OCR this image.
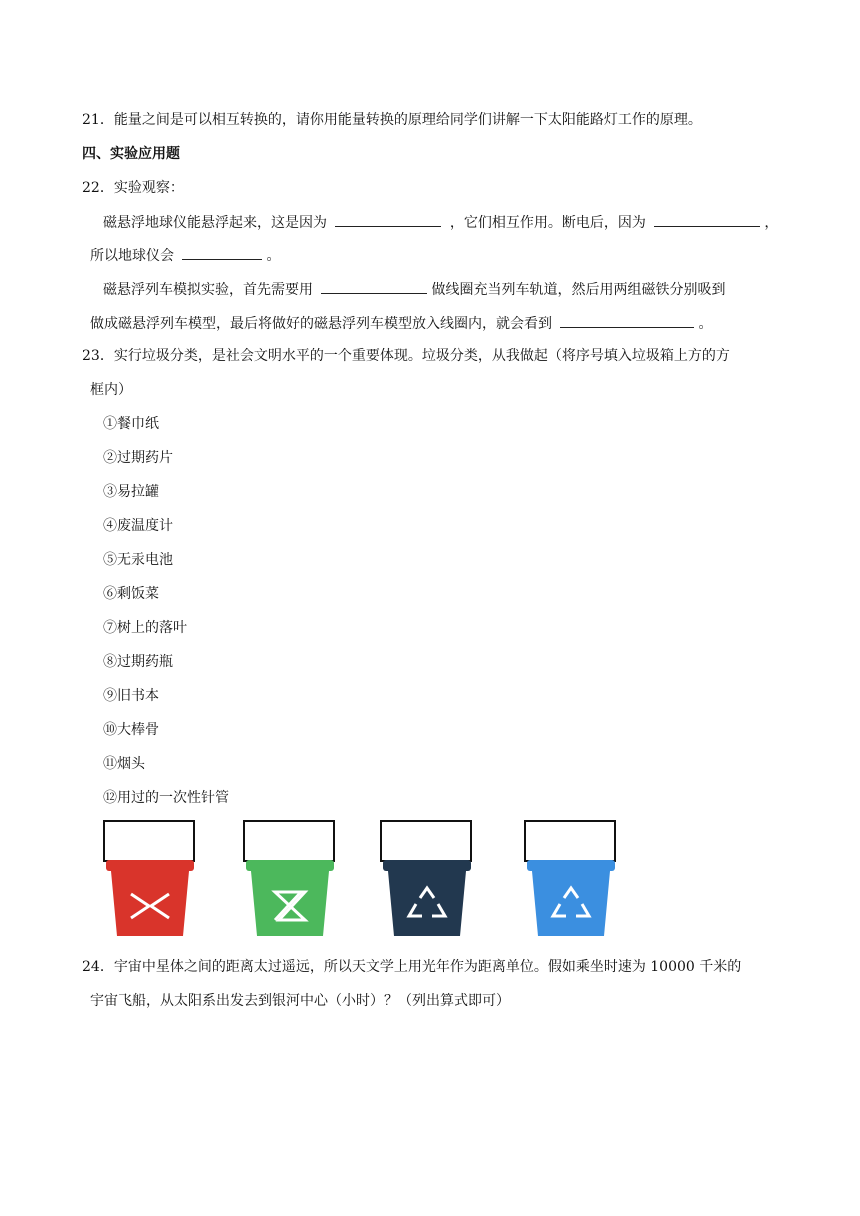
21．能量之间是可以相互转换的，请你用能量转换的原理给同学们讲解一下太阳能路灯工作的原理。
四、实验应用题
22．实验观察：
磁悬浮地球仪能悬浮起来，这是因为	，它们相互作用。断电后，因为	，
所以地球仪会	。
磁悬浮列车模拟实验，首先需要用	做线圈充当列车轨道，然后用两组磁铁分别吸到
做成磁悬浮列车模型，最后将做好的磁悬浮列车模型放入线圈内，就会看到	。
23．实行垃圾分类，是社会文明水平的一个重要体现。垃圾分类，从我做起（将序号填入垃圾箱上方的方
框内）
①餐巾纸
②过期药片
③易拉罐
④废温度计
⑤无汞电池
⑥剩饭菜
⑦树上的落叶
⑧过期药瓶
⑨旧书本
⑩大棒骨
⑪烟头
⑫用过的一次性针管
24．宇宙中星体之间的距离太过遥远，所以天文学上用光年作为距离单位。假如乘坐时速为 10000 千米的
宇宙飞船，从太阳系出发去到银河中心（小时）？（列出算式即可）
